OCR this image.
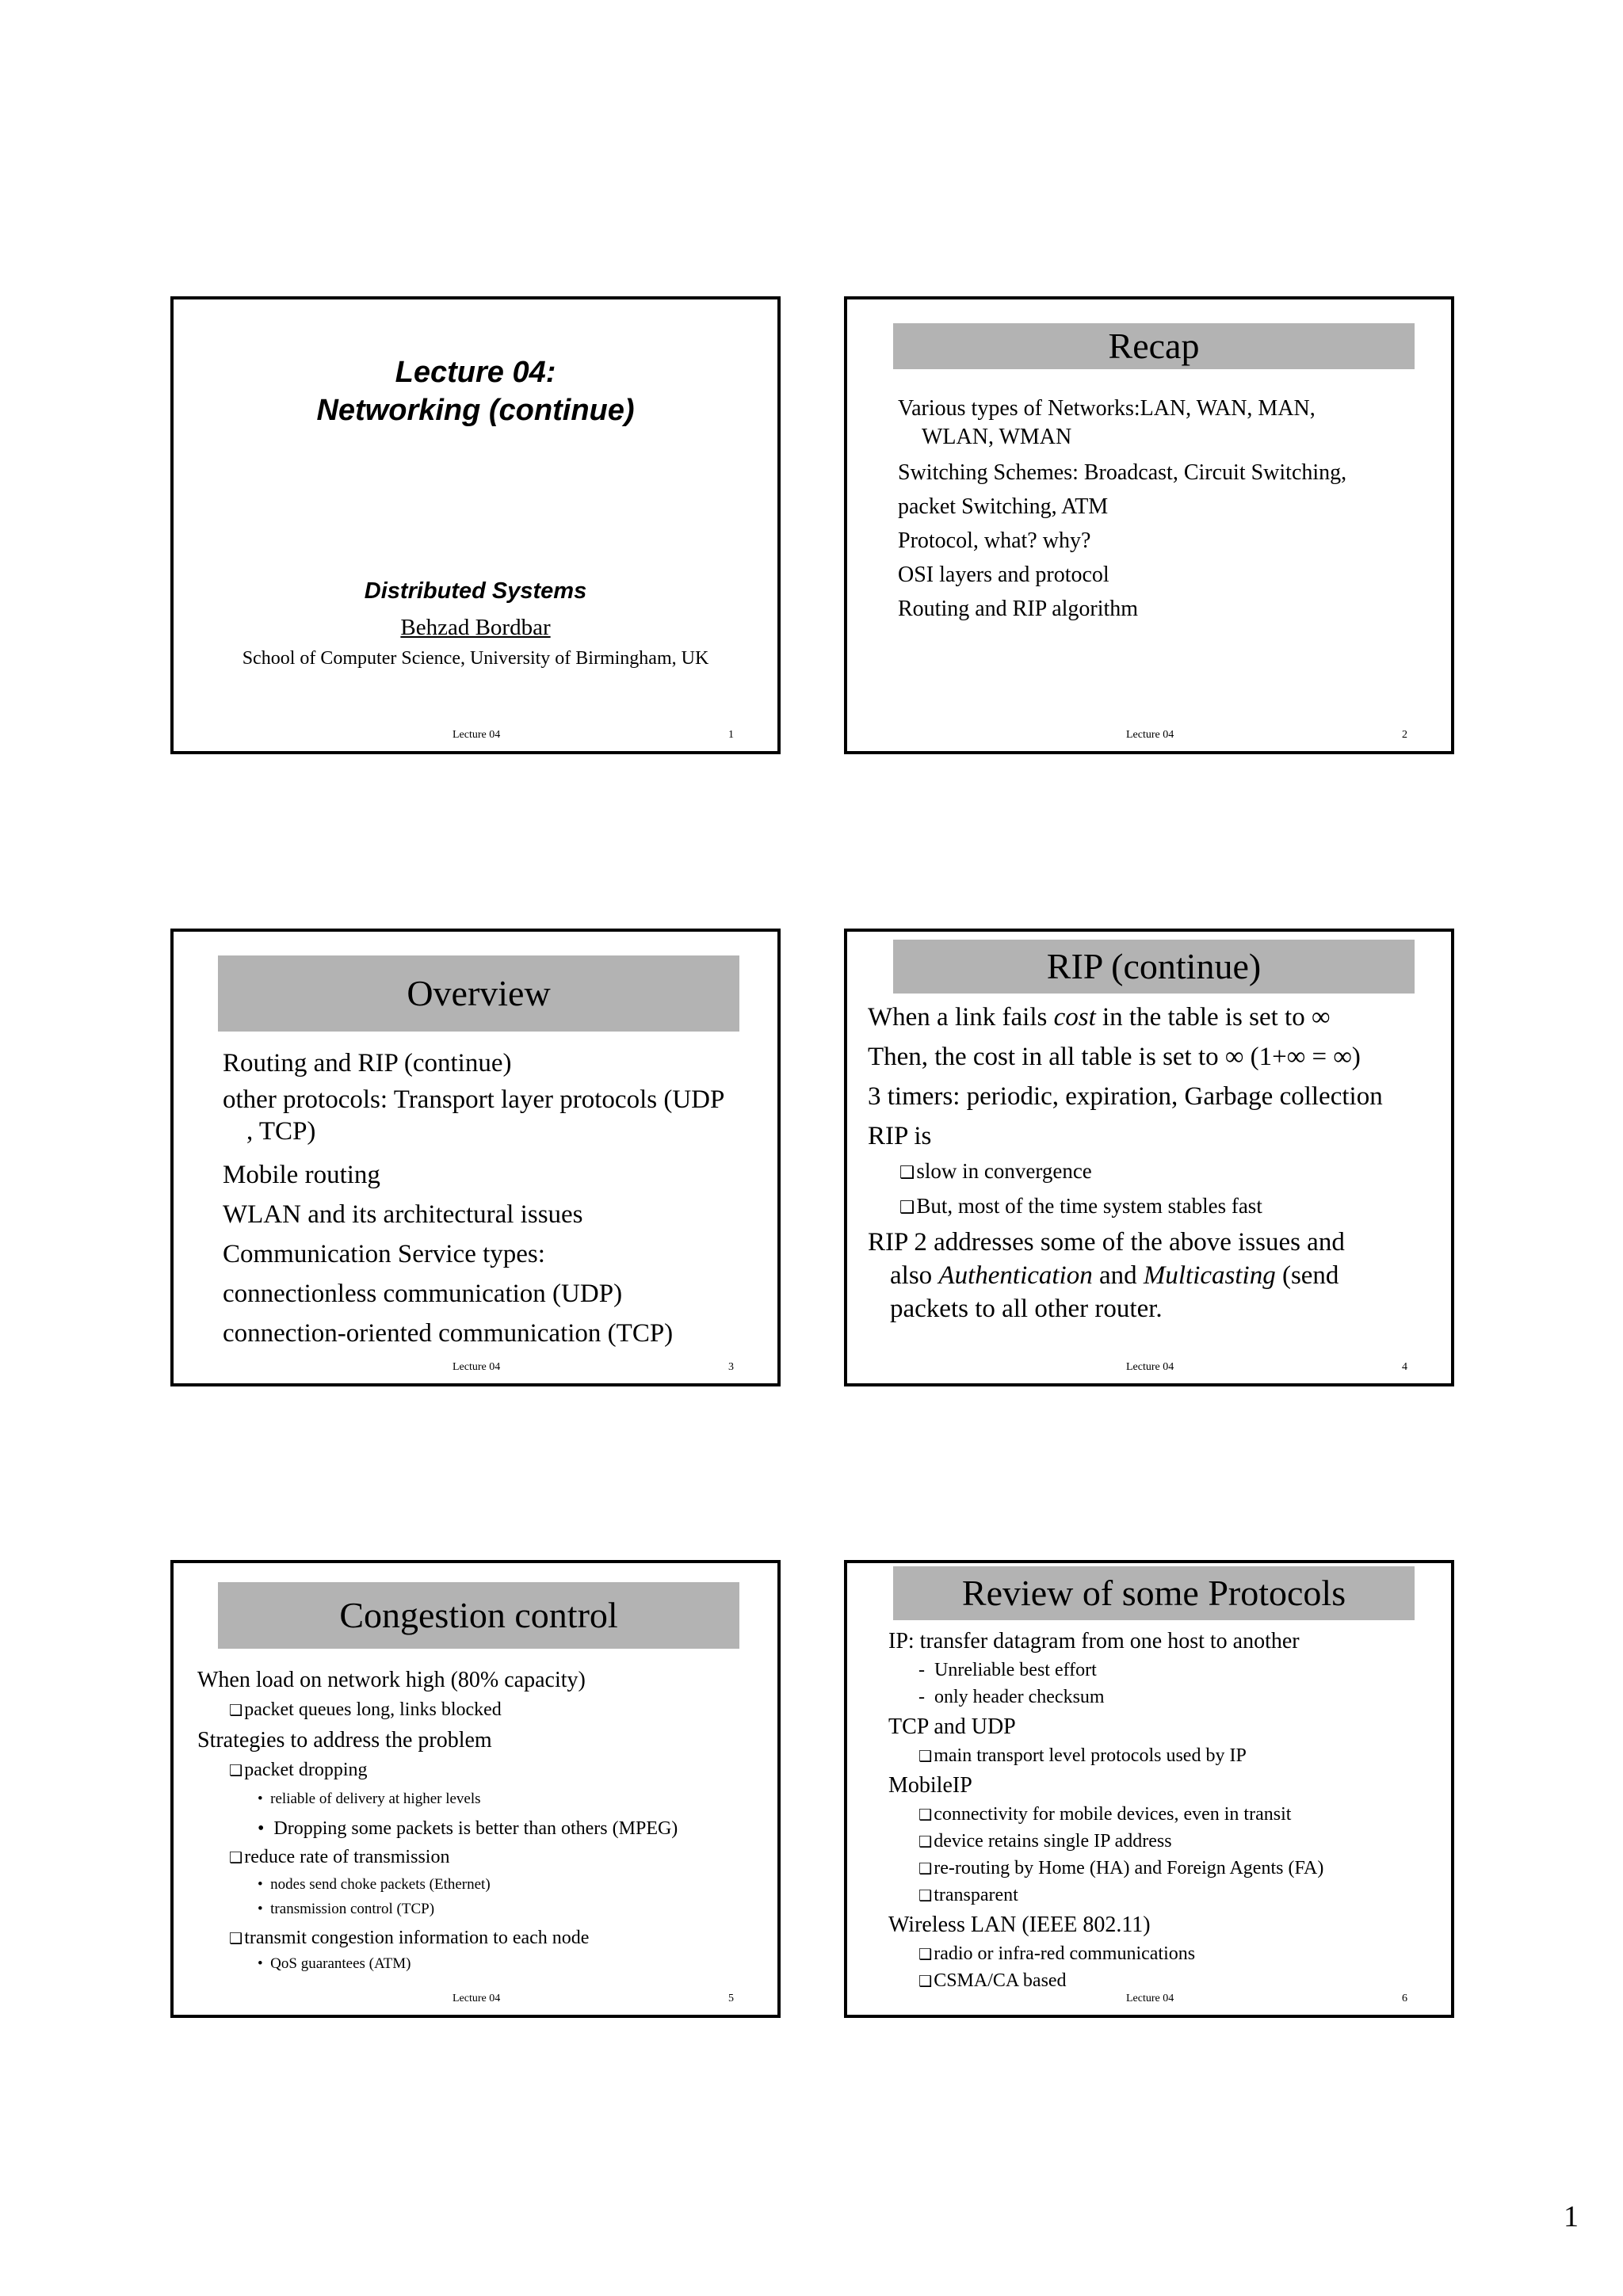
Lecture 04:
Networking (continue)
Distributed Systems
Behzad Bordbar
School of Computer Science, University of Birmingham, UK
Lecture 04	1
Recap
Various types of Networks:LAN, WAN, MAN,
WLAN, WMAN
Switching Schemes: Broadcast, Circuit Switching,
packet Switching, ATM
Protocol, what? why?
OSI layers and protocol
Routing and RIP algorithm
Lecture 04	2
Overview
Routing and RIP (continue)
other protocols: Transport layer protocols (UDP
, TCP)
Mobile routing
WLAN and its architectural issues
Communication Service types:
connectionless communication (UDP)
connection-oriented communication (TCP)
Lecture 04	3
RIP (continue)
When a link fails cost in the table is set to ∞
Then, the cost in all table is set to ∞ (1+∞ = ∞)
3 timers: periodic, expiration, Garbage collection
RIP is
❑slow in convergence
❑But, most of the time system stables fast
RIP 2 addresses some of the above issues and
also Authentication and Multicasting (send
packets to all other router.
Lecture 04	4
Congestion control
When load on network high (80% capacity)
❑packet queues long, links blocked
Strategies to address the problem
❑packet dropping
•  reliable of delivery at higher levels
•  Dropping some packets is better than others (MPEG)
❑reduce rate of transmission
•  nodes send choke packets (Ethernet)
•  transmission control (TCP)
❑transmit congestion information to each node
•  QoS guarantees (ATM)
Lecture 04	5
Review of some Protocols
IP: transfer datagram from one host to another
-  Unreliable best effort
-  only header checksum
TCP and UDP
❑main transport level protocols used by IP
MobileIP
❑connectivity for mobile devices, even in transit
❑device retains single IP address
❑re-routing by Home (HA) and Foreign Agents (FA)
❑transparent
Wireless LAN (IEEE 802.11)
❑radio or infra-red communications
❑CSMA/CA based
Lecture 04	6
1
